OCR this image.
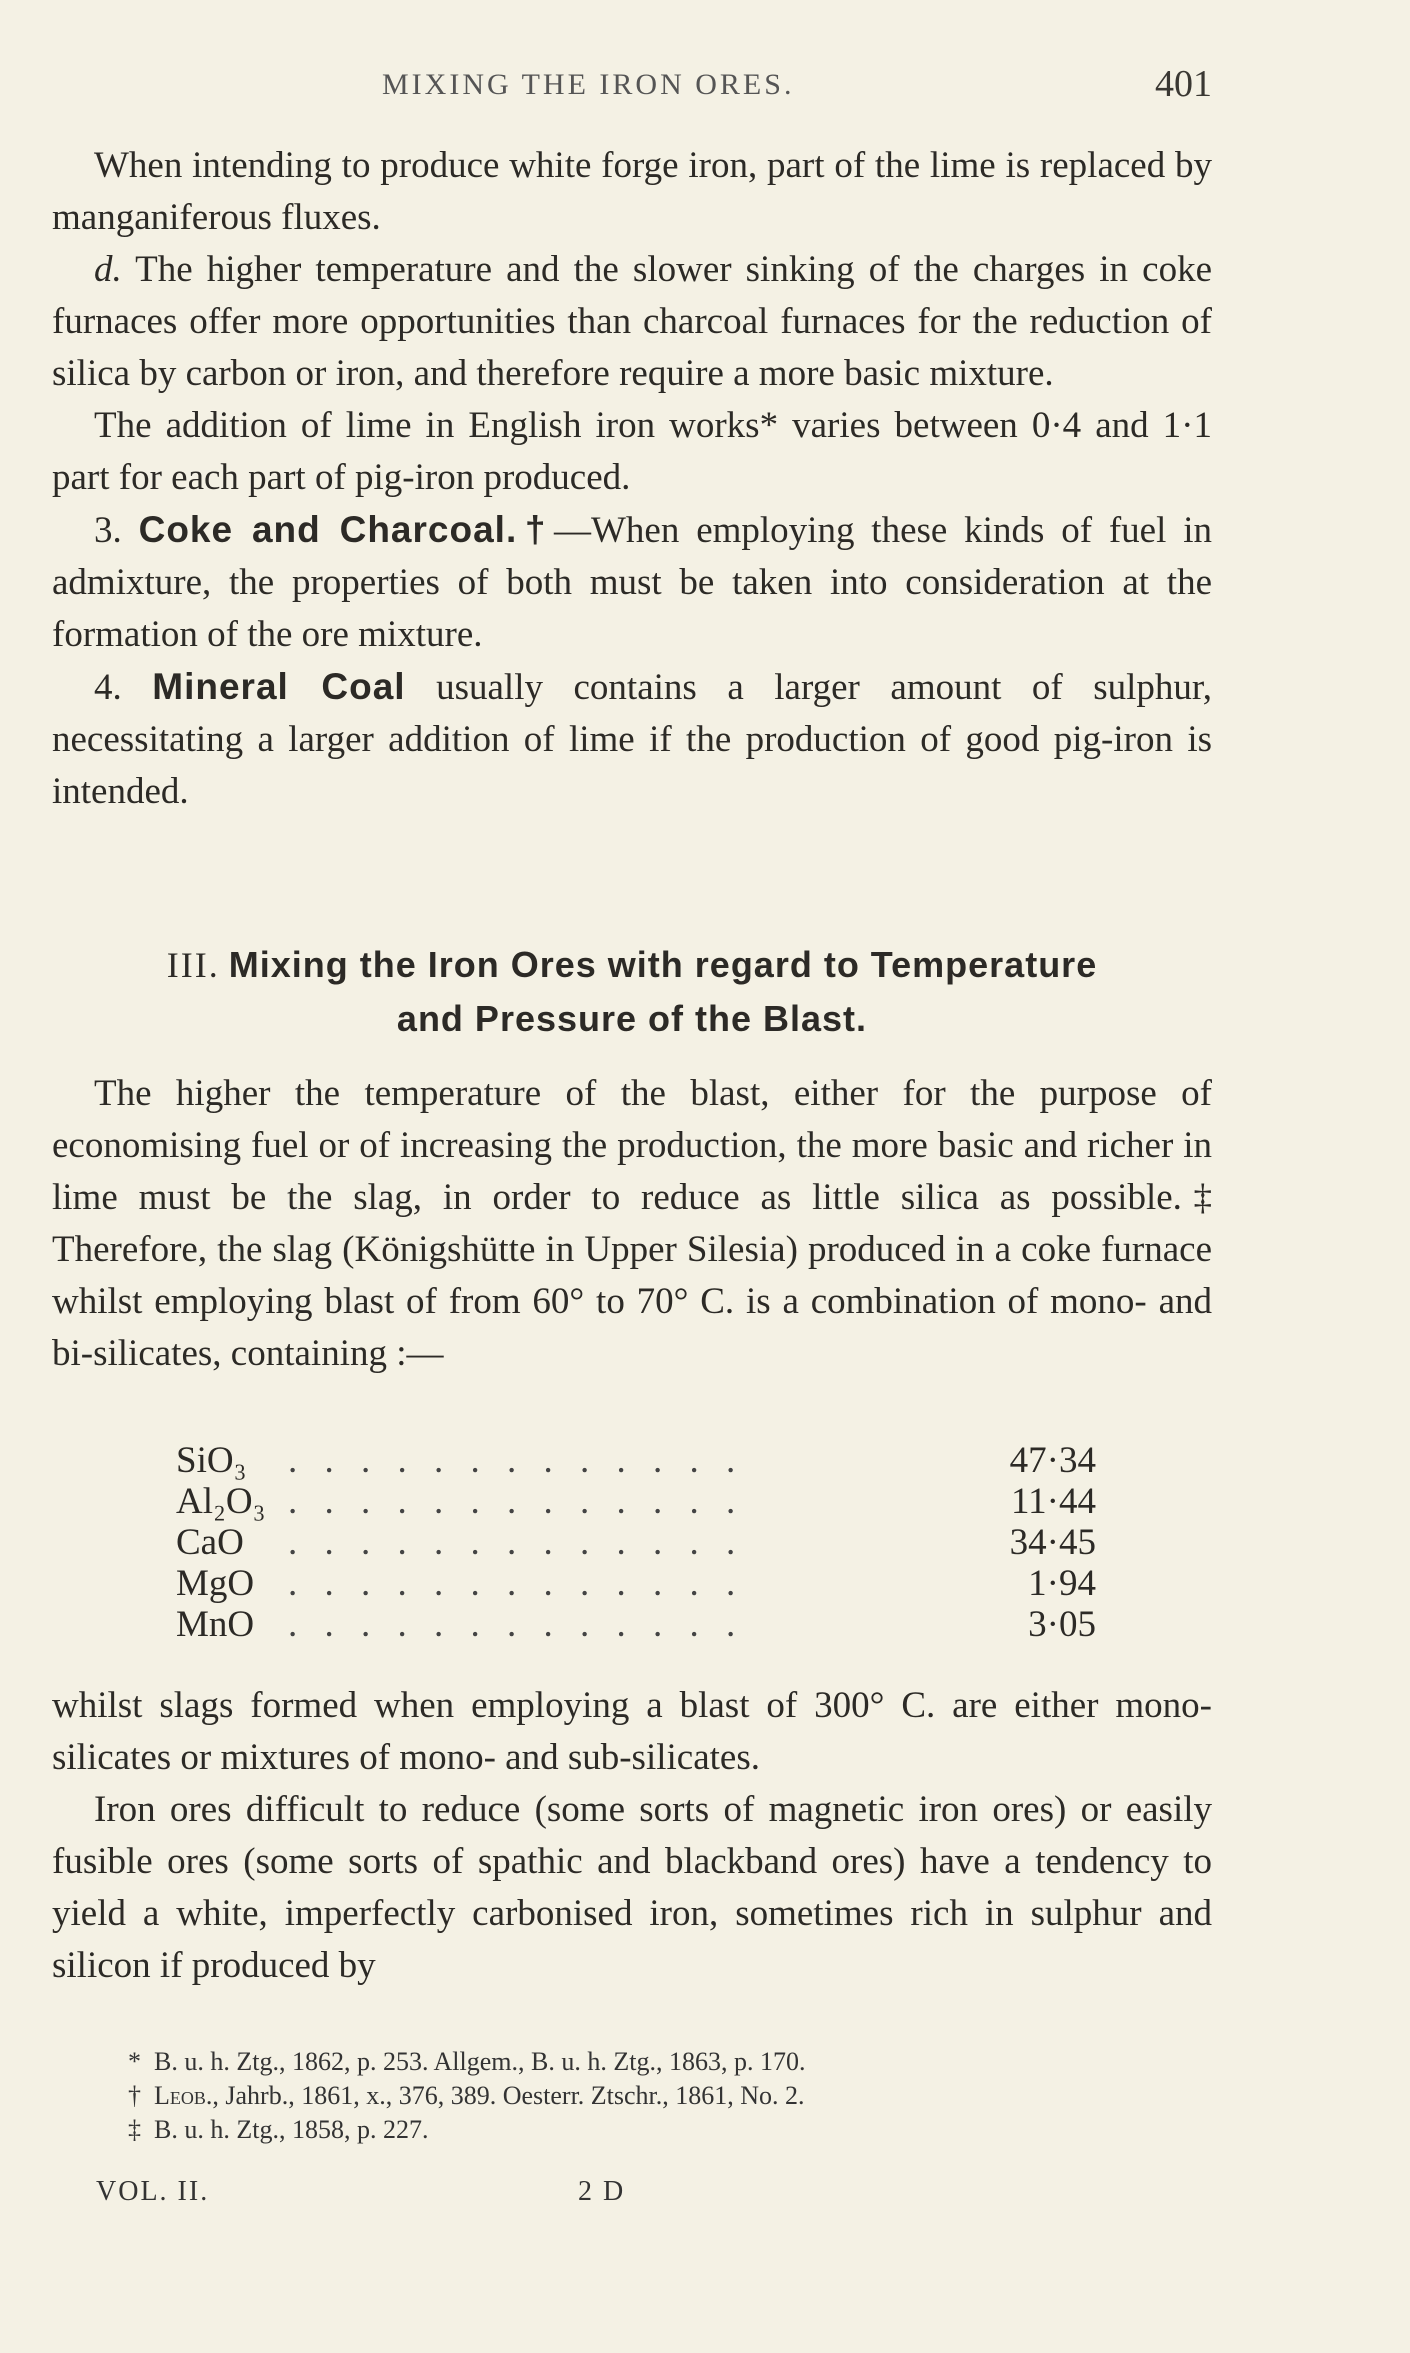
MIXING THE IRON ORES.	401

When intending to produce white forge iron, part of the lime is replaced by manganiferous fluxes.

d. The higher temperature and the slower sinking of the charges in coke furnaces offer more opportunities than charcoal furnaces for the reduction of silica by carbon or iron, and therefore require a more basic mixture.

The addition of lime in English iron works* varies between 0·4 and 1·1 part for each part of pig-iron produced.

3. Coke and Charcoal.†—When employing these kinds of fuel in admixture, the properties of both must be taken into consideration at the formation of the ore mixture.

4. Mineral Coal usually contains a larger amount of sulphur, necessitating a larger addition of lime if the production of good pig-iron is intended.

III. Mixing the Iron Ores with regard to Temperature
and Pressure of the Blast.

The higher the temperature of the blast, either for the purpose of economising fuel or of increasing the production, the more basic and richer in lime must be the slag, in order to reduce as little silica as possible.‡ Therefore, the slag (Königshütte in Upper Silesia) produced in a coke furnace whilst employing blast of from 60° to 70° C. is a combination of mono- and bi-silicates, containing :—

SiO₃ . . . . . . . . . . . . .	47·34
Al₂O₃ . . . . . . . . . . . . .	11·44
CaO . . . . . . . . . . . . .	34·45
MgO . . . . . . . . . . . . .	1·94
MnO . . . . . . . . . . . . .	3·05

whilst slags formed when employing a blast of 300° C. are either mono-silicates or mixtures of mono- and sub-silicates.

Iron ores difficult to reduce (some sorts of magnetic iron ores) or easily fusible ores (some sorts of spathic and blackband ores) have a tendency to yield a white, imperfectly carbonised iron, sometimes rich in sulphur and silicon if produced by

* B. u. h. Ztg., 1862, p. 253. Allgem., B. u. h. Ztg., 1863, p. 170.
† Leob., Jahrb., 1861, x., 376, 389. Oesterr. Ztschr., 1861, No. 2.
‡ B. u. h. Ztg., 1858, p. 227.
VOL. II.	2 D
